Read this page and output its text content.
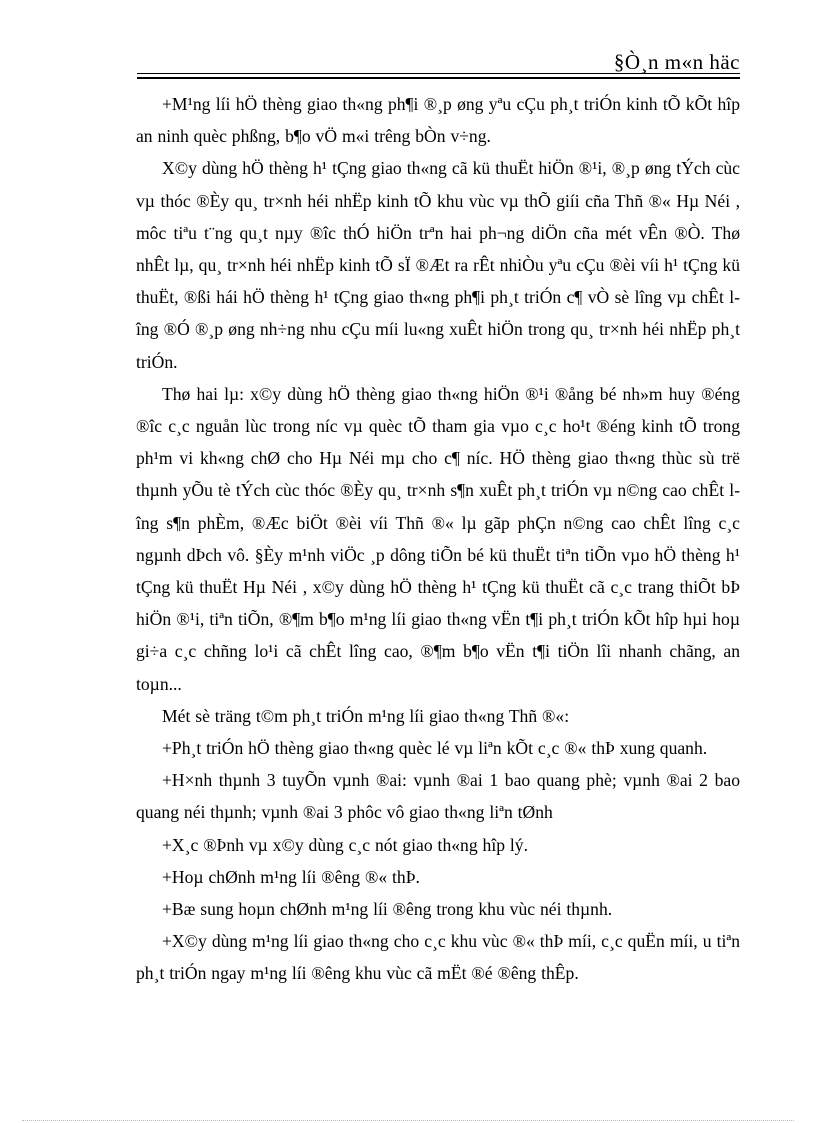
§Ò¸n m«n häc

+M¹ng líi hÖ thèng giao th«ng ph¶i ®¸p øng yªu cÇu ph¸t triÓn kinh tÕ kÕt hîp an ninh quèc phßng, b¶o vÖ m«i trêng bÒn v÷ng.

X©y dùng hÖ thèng h¹ tÇng giao th«ng cã kü thuËt hiÖn ®¹i, ®¸p øng tÝch cùc vµ thóc ®Èy qu¸ tr×nh héi nhËp kinh tÕ khu vùc vµ thÕ giíi cña Thñ ®« Hµ Néi , môc tiªu t¨ng qu¸t nµy ®îc thÓ hiÖn trªn hai ph¬ng diÖn cña mét vÊn ®Ò. Thø nhÊt lµ, qu¸ tr×nh héi nhËp kinh tÕ sÏ ®Æt ra rÊt nhiÒu yªu cÇu ®èi víi h¹ tÇng kü thuËt, ®ßi hái hÖ thèng h¹ tÇng giao th«ng ph¶i ph¸t triÓn c¶ vÒ sè lîng vµ chÊt lîng ®Ó ®¸p øng nh÷ng nhu cÇu míi lu«ng xuÊt hiÖn trong qu¸ tr×nh héi nhËp ph¸t triÓn.

Thø hai lµ: x©y dùng hÖ thèng giao th«ng hiÖn ®¹i ®ång bé nh»m huy ®éng ®îc c¸c nguån lùc trong níc vµ quèc tÕ tham gia vµo c¸c ho¹t ®éng kinh tÕ trong ph¹m vi kh«ng chØ cho Hµ Néi mµ cho c¶ níc. HÖ thèng giao th«ng thùc sù trë thµnh yÕu tè tÝch cùc thóc ®Èy qu¸ tr×nh s¶n xuÊt ph¸t triÓn vµ n©ng cao chÊt lîng s¶n phÈm, ®Æc biÖt ®èi víi Thñ ®« lµ gãp phÇn n©ng cao chÊt lîng c¸c ngµnh dÞch vô. §Èy m¹nh viÖc ¸p dông tiÕn bé kü thuËt tiªn tiÕn vµo hÖ thèng h¹ tÇng kü thuËt Hµ Néi , x©y dùng hÖ thèng h¹ tÇng kü thuËt cã c¸c trang thiÕt bÞ hiÖn ®¹i, tiªn tiÕn, ®¶m b¶o m¹ng líi giao th«ng vËn t¶i ph¸t triÓn kÕt hîp hµi hoµ gi÷a c¸c chñng lo¹i cã chÊt lîng cao, ®¶m b¶o vËn t¶i tiÖn lîi nhanh chãng, an toµn...

Mét sè träng t©m ph¸t triÓn m¹ng líi giao th«ng Thñ ®«:

+Ph¸t triÓn hÖ thèng giao th«ng quèc lé vµ liªn kÕt c¸c ®« thÞ xung quanh.

+H×nh thµnh 3 tuyÕn vµnh ®ai: vµnh ®ai 1 bao quang phè; vµnh ®ai 2 bao quang néi thµnh; vµnh ®ai 3 phôc vô giao th«ng liªn tØnh

+X¸c ®Þnh vµ x©y dùng c¸c nót giao th«ng hîp lý.

+Hoµ chØnh m¹ng líi ®êng ®« thÞ.

+Bæ sung hoµn chØnh m¹ng líi ®êng trong khu vùc néi thµnh.

+X©y dùng m¹ng líi giao th«ng cho c¸c khu vùc ®« thÞ míi, c¸c quËn míi, u tiªn ph¸t triÓn ngay m¹ng líi ®êng khu vùc cã mËt ®é ®êng thÊp.
